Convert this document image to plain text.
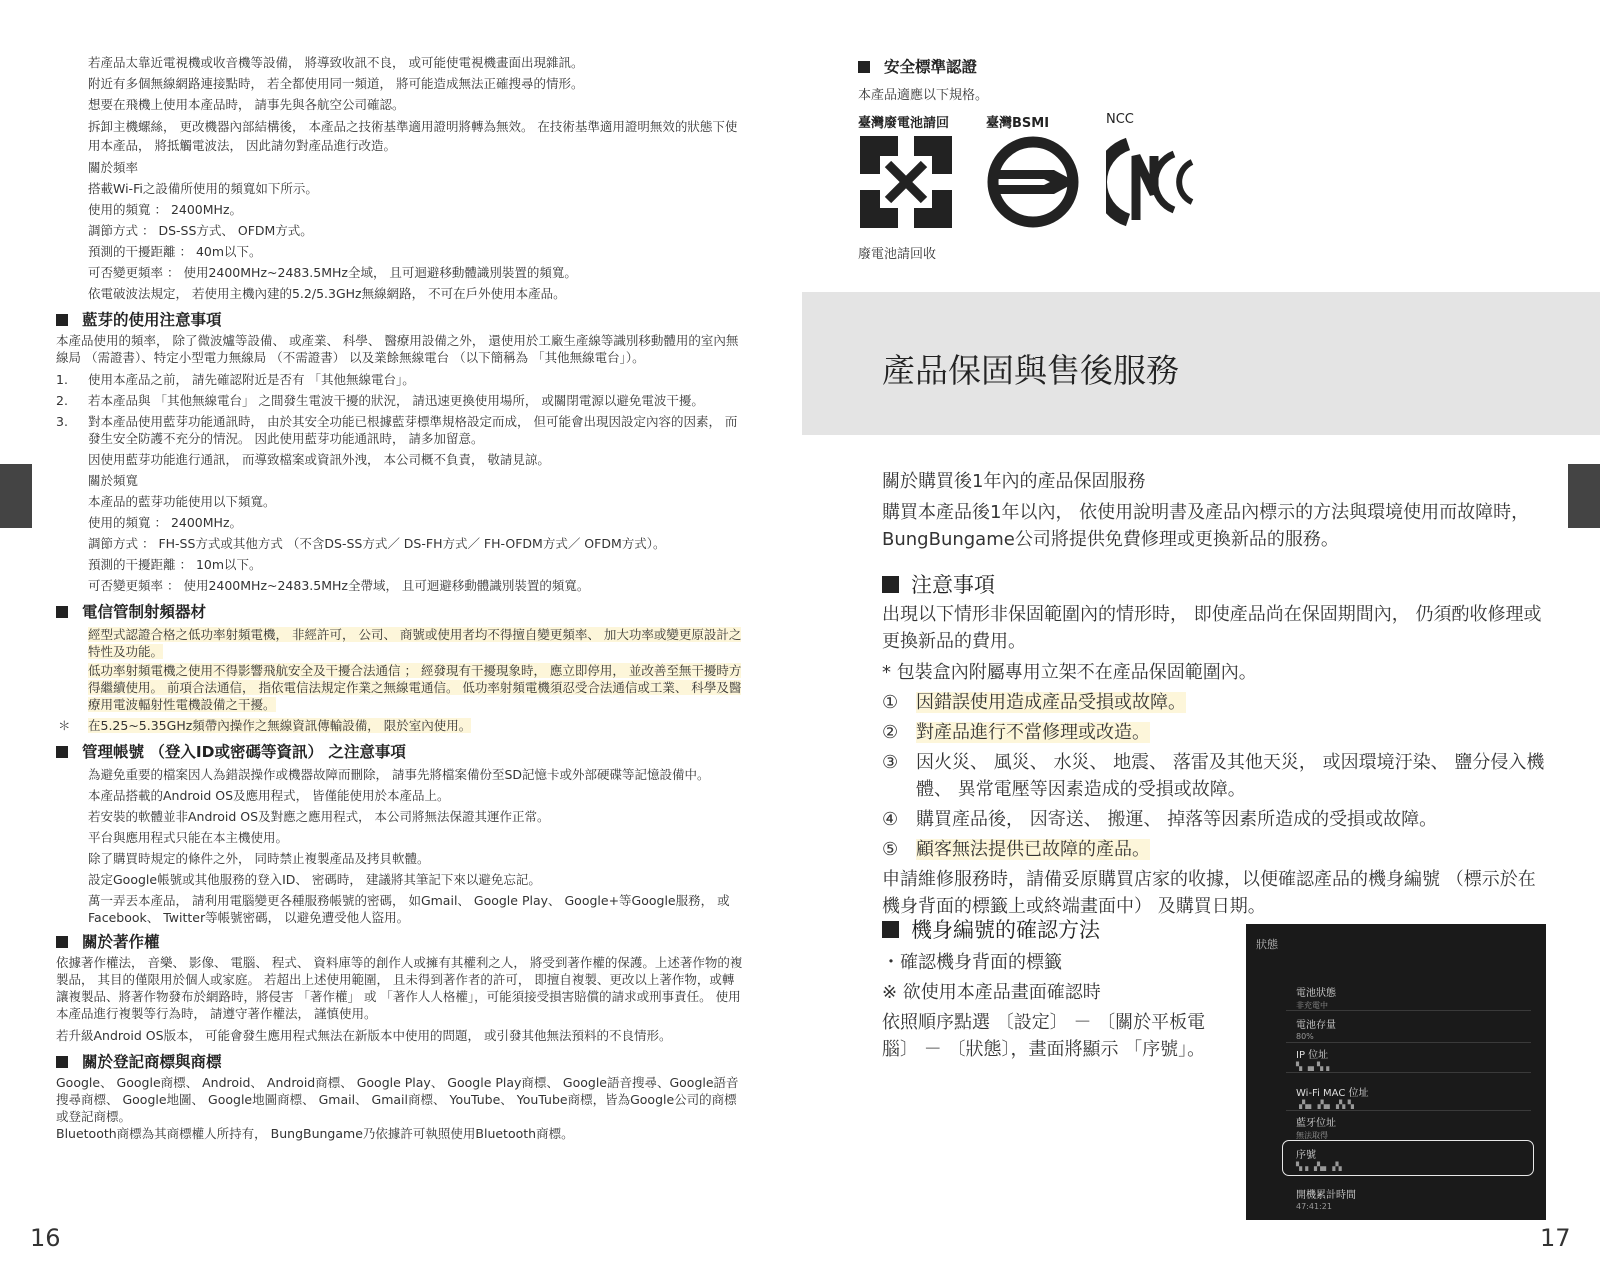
若產品太靠近電視機或收音機等設備， 將導致收訊不良， 或可能使電視機畫面出現雜訊。

附近有多個無線網路連接點時， 若全都使用同一頻道， 將可能造成無法正確搜尋的情形。

想要在飛機上使用本產品時， 請事先與各航空公司確認。

拆卸主機螺絲， 更改機器內部結構後， 本產品之技術基準適用證明將轉為無效。 在技術基準適用證明無效的狀態下使用本產品， 將抵觸電波法， 因此請勿對產品進行改造。

關於頻率

搭載Wi-Fi之設備所使用的頻寬如下所示。

使用的頻寬 ： 2400MHz。

調節方式 ： DS-SS方式、 OFDM方式。

預測的干擾距離 ： 40m以下。

可否變更頻率 ： 使用2400MHz~2483.5MHz全域， 且可迴避移動體識別裝置的頻寬。

依電破波法規定， 若使用主機內建的5.2/5.3GHz無線網路， 不可在戶外使用本產品。

藍芽的使用注意事項

本產品使用的頻率， 除了微波爐等設備、 或產業、 科學、 醫療用設備之外， 還使用於工廠生產線等識別移動體用的室內無線局 （需證書）、特定小型電力無線局 （不需證書） 以及業餘無線電台 （以下簡稱為 「其他無線電台」）。

1. 使用本產品之前， 請先確認附近是否有 「其他無線電台」。
2. 若本產品與 「其他無線電台」 之間發生電波干擾的狀況， 請迅速更換使用場所， 或關閉電源以避免電波干擾。
3. 對本產品使用藍芽功能通訊時， 由於其安全功能已根據藍芽標準規格設定而成， 但可能會出現因設定內容的因素， 而發生安全防護不充分的情況。 因此使用藍芽功能通訊時， 請多加留意。

因使用藍芽功能進行通訊， 而導致檔案或資訊外洩， 本公司概不負責， 敬請見諒。

關於頻寬

本產品的藍芽功能使用以下頻寬。

使用的頻寬 ： 2400MHz。

調節方式 ： FH-SS方式或其他方式 （不含DS-SS方式／ DS-FH方式／ FH-OFDM方式／ OFDM方式）。

預測的干擾距離 ： 10m以下。

可否變更頻率 ： 使用2400MHz~2483.5MHz全帶域， 且可迴避移動體識別裝置的頻寬。

電信管制射頻器材

經型式認證合格之低功率射頻電機， 非經許可， 公司、 商號或使用者均不得擅自變更頻率、 加大功率或變更原設計之特性及功能。

低功率射頻電機之使用不得影響飛航安全及干擾合法通信 ； 經發現有干擾現象時， 應立即停用， 並改善至無干擾時方得繼續使用。 前項合法通信， 指依電信法規定作業之無線電通信。 低功率射頻電機須忍受合法通信或工業、 科學及醫療用電波輻射性電機設備之干擾。

＊ 在5.25~5.35GHz頻帶內操作之無線資訊傳輸設備， 限於室內使用。
管理帳號 （登入ID或密碼等資訊） 之注意事項

為避免重要的檔案因人為錯誤操作或機器故障而刪除， 請事先將檔案備份至SD記憶卡或外部硬碟等記憶設備中。

本產品搭載的Android OS及應用程式， 皆僅能使用於本產品上。

若安裝的軟體並非Android OS及對應之應用程式， 本公司將無法保證其運作正常。

平台與應用程式只能在本主機使用。

除了購買時規定的條件之外， 同時禁止複製產品及拷貝軟體。

設定Google帳號或其他服務的登入ID、 密碼時， 建議將其筆記下來以避免忘記。

萬一弄丟本產品， 請利用電腦變更各種服務帳號的密碼， 如Gmail、 Google Play、 Google+等Google服務， 或Facebook、 Twitter等帳號密碼， 以避免遭受他人盜用。

關於著作權

依據著作權法， 音樂、 影像、 電腦、 程式、 資料庫等的創作人或擁有其權利之人， 將受到著作權的保護。上述著作物的複製品， 其目的僅限用於個人或家庭。 若超出上述使用範圍， 且未得到著作者的許可， 即擅自複製、更改以上著作物，或轉讓複製品、將著作物發布於網路時，將侵害 「著作權」 或 「著作人人格權」，可能須接受損害賠償的請求或刑事責任。 使用本產品進行複製等行為時， 請遵守著作權法， 謹慎使用。

若升級Android OS版本， 可能會發生應用程式無法在新版本中使用的問題， 或引發其他無法預料的不良情形。

關於登記商標與商標

Google、 Google商標、 Android、 Android商標、 Google Play、 Google Play商標、 Google語音搜尋、Google語音搜尋商標、 Google地圖、 Google地圖商標、 Gmail、 Gmail商標、 YouTube、 YouTube商標，皆為Google公司的商標或登記商標。

Bluetooth商標為其商標權人所持有， BungBungame乃依據許可執照使用Bluetooth商標。

16
安全標準認證
本產品適應以下規格。
臺灣廢電池請回	臺灣BSMI	NCC
廢電池請回收
產品保固與售後服務

關於購買後1年內的產品保固服務

購買本產品後1年以內， 依使用說明書及產品內標示的方法與環境使用而故障時， BungBungame公司將提供免費修理或更換新品的服務。

注意事項

出現以下情形非保固範圍內的情形時， 即使產品尚在保固期間內， 仍須酌收修理或更換新品的費用。

* 包裝盒內附屬專用立架不在產品保固範圍內。

① 因錯誤使用造成產品受損或故障。
② 對產品進行不當修理或改造。
③ 因火災、 風災、 水災、 地震、 落雷及其他天災， 或因環境汙染、 鹽分侵入機體、 異常電壓等因素造成的受損或故障。
④ 購買產品後， 因寄送、 搬運、 掉落等因素所造成的受損或故障。
⑤ 顧客無法提供已故障的產品。

申請維修服務時，請備妥原購買店家的收據，以便確認產品的機身編號 （標示於在機身背面的標籤上或終端畫面中） 及購買日期。

機身編號的確認方法

・確認機身背面的標籤

※ 欲使用本產品畫面確認時

依照順序點選 〔設定〕 － 〔關於平板電腦〕 － 〔狀態〕，畫面將顯示 「序號」。

狀態
電池狀態
非充電中
電池存量
80%
IP 位址
▚ ▗▖▚▗
Wi-Fi MAC 位址
▗▚▖▗▚▖▗▚ ▚
藍牙位址
無法取得
序號
▚▗ ▗▚▖▗▚
開機累計時間
47:41:21
17
